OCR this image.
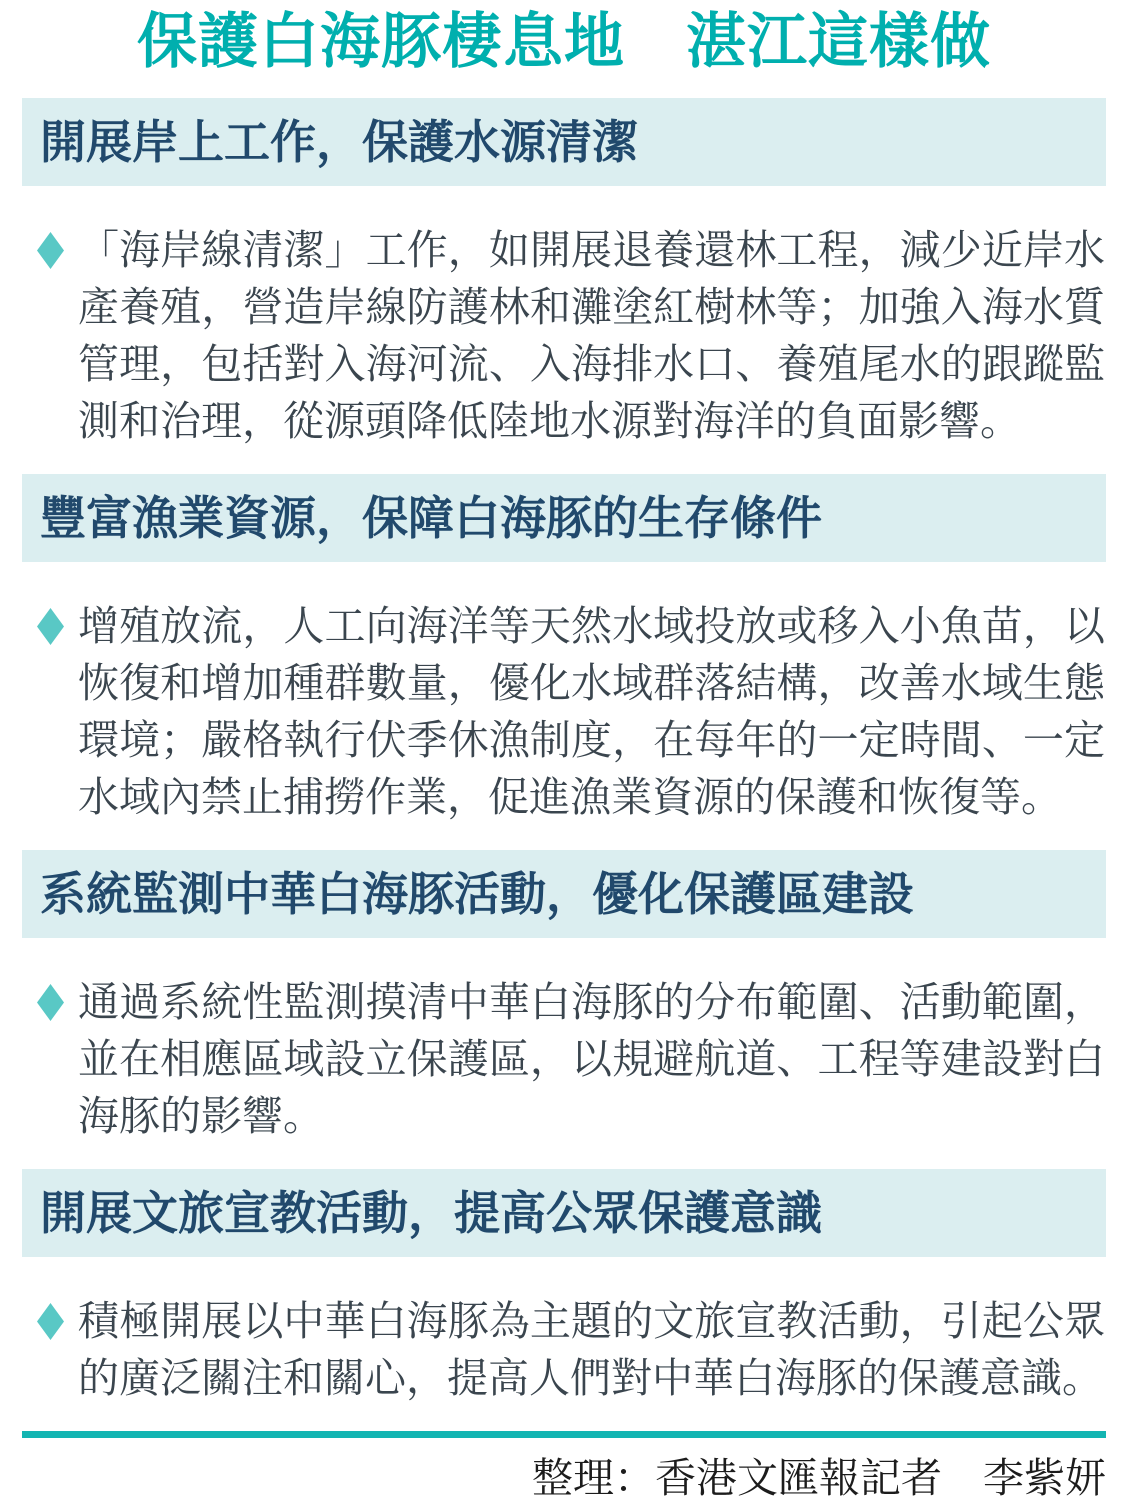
保護白海豚棲息地　湛江這樣做
開展岸上工作，保護水源清潔

「海岸線清潔」工作，如開展退養還林工程，減少近岸水產養殖，營造岸線防護林和灘塗紅樹林等；加強入海水質管理，包括對入海河流、入海排水口、養殖尾水的跟蹤監測和治理，從源頭降低陸地水源對海洋的負面影響。

豐富漁業資源，保障白海豚的生存條件

增殖放流，人工向海洋等天然水域投放或移入小魚苗，以恢復和增加種群數量，優化水域群落結構，改善水域生態環境；嚴格執行伏季休漁制度，在每年的一定時間、一定水域內禁止捕撈作業，促進漁業資源的保護和恢復等。

系統監測中華白海豚活動，優化保護區建設

通過系統性監測摸清中華白海豚的分布範圍、活動範圍，並在相應區域設立保護區，以規避航道、工程等建設對白海豚的影響。

開展文旅宣教活動，提高公眾保護意識

積極開展以中華白海豚為主題的文旅宣教活動，引起公眾的廣泛關注和關心，提高人們對中華白海豚的保護意識。

整理：香港文匯報記者　李紫妍
